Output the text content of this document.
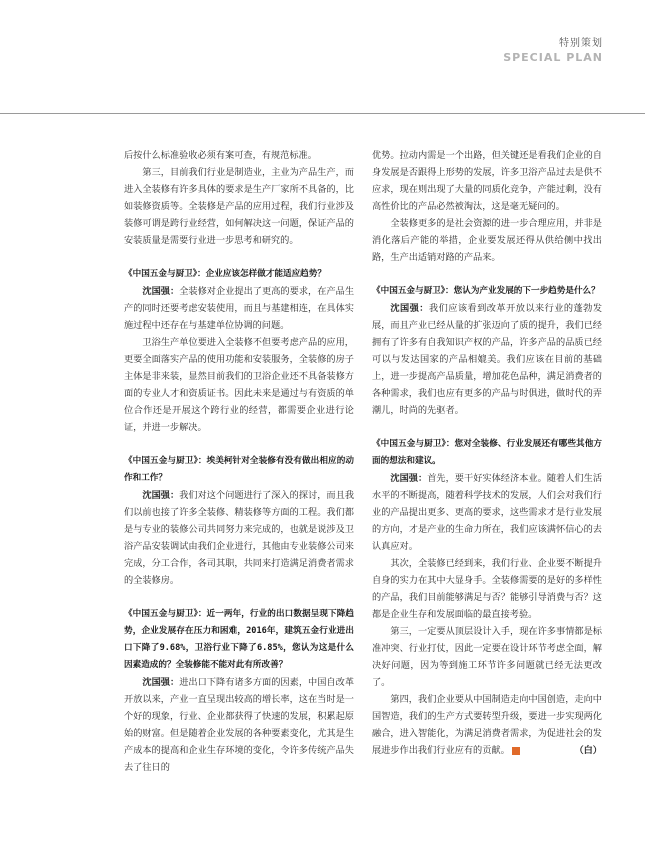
特别策划
SPECIAL PLAN

后按什么标准验收必须有案可查，有规范标准。

第三，目前我们行业是制造业，主业为产品生产，而进入全装修有许多具体的要求是生产厂家所不具备的，比如装修资质等。全装修是产品的应用过程，我们行业涉及装修可谓是跨行业经营，如何解决这一问题，保证产品的安装质量是需要行业进一步思考和研究的。

《中国五金与厨卫》：企业应该怎样做才能适应趋势？

沈国强：全装修对企业提出了更高的要求，在产品生产的同时还要考虑安装使用，而且与基建相连，在具体实施过程中还存在与基建单位协调的问题。

卫浴生产单位要进入全装修不但要考虑产品的应用，更要全面落实产品的使用功能和安装服务，全装修的房子主体是非来装，显然目前我们的卫浴企业还不具备装修方面的专业人才和资质证书。因此未来是通过与有资质的单位合作还是开展这个跨行业的经营，都需要企业进行论证，并进一步解决。

《中国五金与厨卫》：埃美柯针对全装修有没有做出相应的动作和工作？

沈国强：我们对这个问题进行了深入的探讨，而且我们以前也接了许多全装修、精装修等方面的工程。我们都是与专业的装修公司共同努力来完成的，也就是说涉及卫浴产品安装调试由我们企业进行，其他由专业装修公司来完成，分工合作，各司其职，共同来打造满足消费者需求的全装修房。

《中国五金与厨卫》：近一两年，行业的出口数据呈现下降趋势，企业发展存在压力和困难，2016年，建筑五金行业进出口下降了9.68%，卫浴行业下降了6.85%，您认为这是什么因素造成的？全装修能不能对此有所改善？

沈国强：进出口下降有诸多方面的因素，中国自改革开放以来，产业一直呈现出较高的增长率，这在当时是一个好的现象，行业、企业都获得了快速的发展，积累起原始的财富。但是随着企业发展的各种要素变化，尤其是生产成本的提高和企业生存环境的变化，令许多传统产品失去了往日的

优势。拉动内需是一个出路，但关键还是看我们企业的自身发展是否跟得上形势的发展，许多卫浴产品过去是供不应求，现在则出现了大量的同质化竞争，产能过剩，没有高性价比的产品必然被淘汰，这是毫无疑问的。

全装修更多的是社会资源的进一步合理应用，并非是消化落后产能的举措，企业要发展还得从供给侧中找出路，生产出适销对路的产品来。

《中国五金与厨卫》：您认为产业发展的下一步趋势是什么？

沈国强：我们应该看到改革开放以来行业的蓬勃发展，而且产业已经从量的扩张迈向了质的提升，我们已经拥有了许多有自我知识产权的产品，许多产品的品质已经可以与发达国家的产品相媲美。我们应该在目前的基础上，进一步提高产品质量，增加花色品种，满足消费者的各种需求，我们也应有更多的产品与时俱进，做时代的弄潮儿，时尚的先驱者。

《中国五金与厨卫》：您对全装修、行业发展还有哪些其他方面的想法和建议。

沈国强：首先，要干好实体经济本业。随着人们生活水平的不断提高，随着科学技术的发展，人们会对我们行业的产品提出更多、更高的要求，这些需求才是行业发展的方向，才是产业的生命力所在，我们应该满怀信心的去认真应对。

其次，全装修已经到来，我们行业、企业要不断提升自身的实力在其中大显身手。全装修需要的是好的多样性的产品，我们目前能够满足与否？能够引导消费与否？这都是企业生存和发展面临的最直接考验。

第三，一定要从顶层设计入手，现在许多事情都是标准冲突、行业打仗，因此一定要在设计环节考虑全面，解决好问题，因为等到施工环节许多问题就已经无法更改了。

第四，我们企业要从中国制造走向中国创造，走向中国智造，我们的生产方式要转型升级，要进一步实现两化融合，进入智能化，为满足消费者需求，为促进社会的发展进步作出我们行业应有的贡献。	回	（白）
